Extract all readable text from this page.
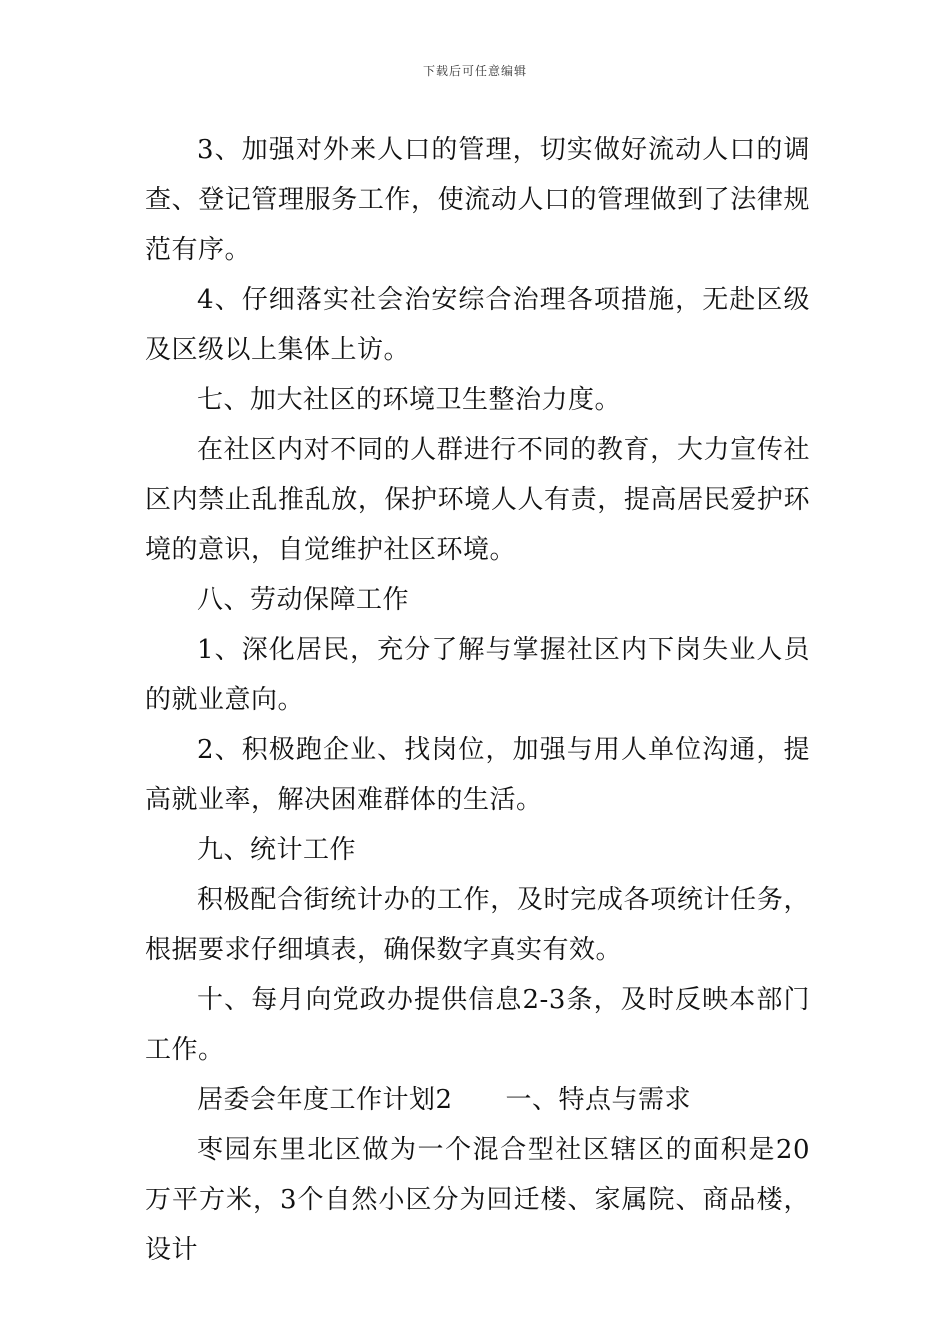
下载后可任意编辑

3、加强对外来人口的管理，切实做好流动人口的调查、登记管理服务工作，使流动人口的管理做到了法律规范有序。

4、仔细落实社会治安综合治理各项措施，无赴区级及区级以上集体上访。

七、加大社区的环境卫生整治力度。

在社区内对不同的人群进行不同的教育，大力宣传社区内禁止乱推乱放，保护环境人人有责，提高居民爱护环境的意识，自觉维护社区环境。

八、劳动保障工作

1、深化居民，充分了解与掌握社区内下岗失业人员的就业意向。

2、积极跑企业、找岗位，加强与用人单位沟通，提高就业率，解决困难群体的生活。

九、统计工作

积极配合街统计办的工作，及时完成各项统计任务，根据要求仔细填表，确保数字真实有效。

十、每月向党政办提供信息2-3条，及时反映本部门工作。

居委会年度工作计划2　　一、特点与需求

枣园东里北区做为一个混合型社区辖区的面积是20万平方米，3个自然小区分为回迁楼、家属院、商品楼，设计
